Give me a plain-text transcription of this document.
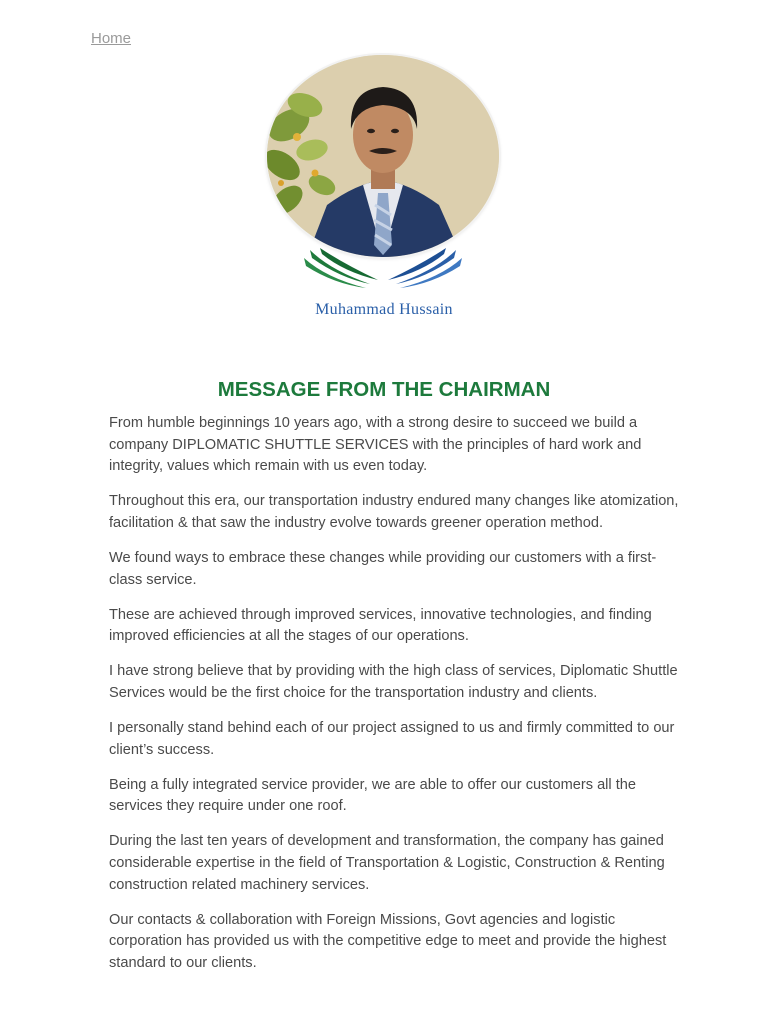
Home
Muhammad Hussain
MESSAGE FROM THE CHAIRMAN

From humble beginnings 10 years ago, with a strong desire to succeed we build a company DIPLOMATIC SHUTTLE SERVICES with the principles of hard work and integrity, values which remain with us even today.

Throughout this era, our transportation industry endured many changes like atomization, facilitation & that saw the industry evolve towards greener operation method.

We found ways to embrace these changes while providing our customers with a first-class service.

These are achieved through improved services, innovative technologies, and finding improved efficiencies at all the stages of our operations.

I have strong believe that by providing with the high class of services, Diplomatic Shuttle Services would be the first choice for the transportation industry and clients.

I personally stand behind each of our project assigned to us and firmly committed to our client’s success.

Being a fully integrated service provider, we are able to offer our customers all the services they require under one roof.

During the last ten years of development and transformation, the company has gained considerable expertise in the field of Transportation & Logistic, Construction & Renting construction related machinery services.

Our contacts & collaboration with Foreign Missions, Govt agencies and logistic corporation has provided us with the competitive edge to meet and provide the highest standard to our clients.
